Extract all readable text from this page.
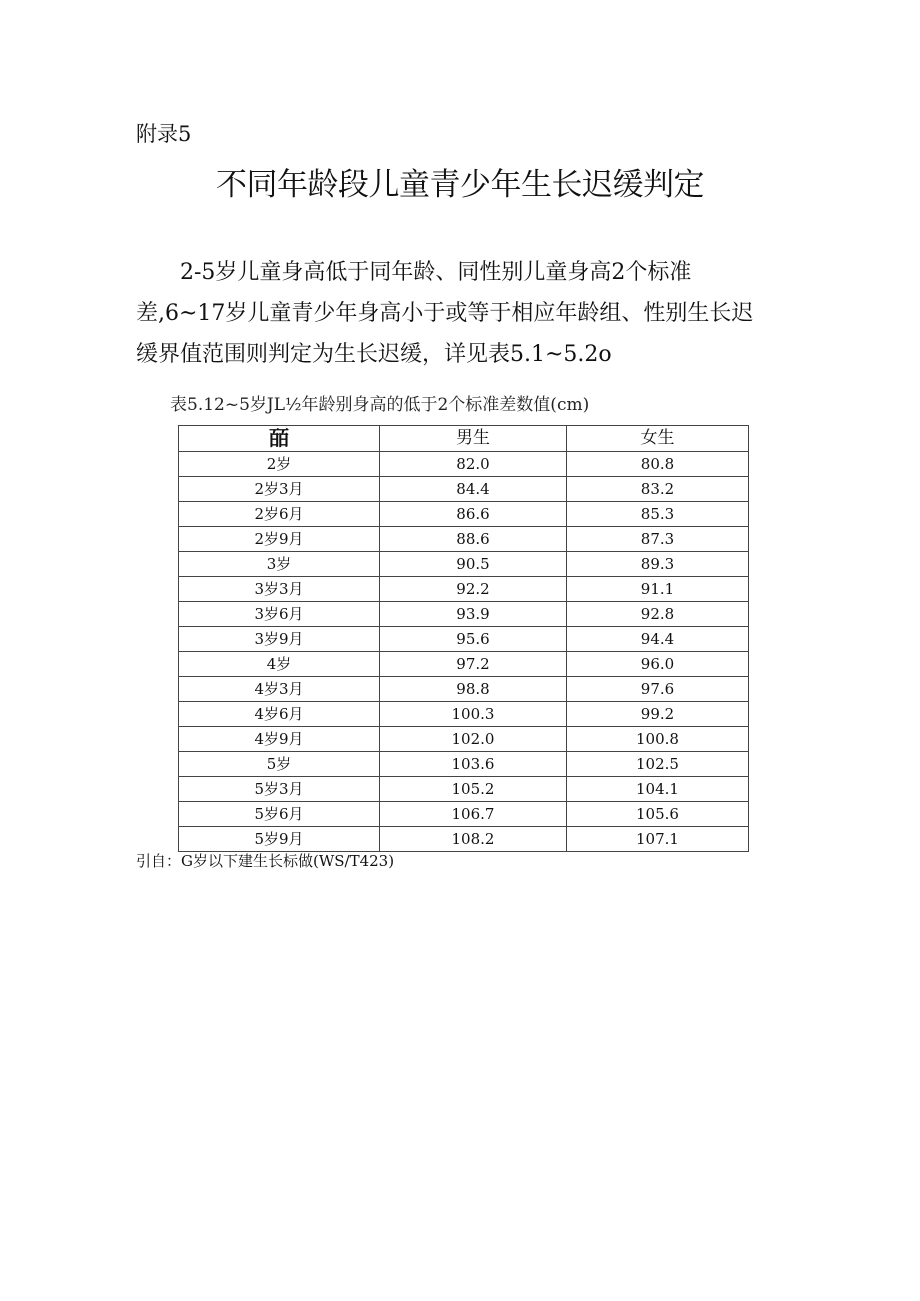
附录5
不同年龄段儿童青少年生长迟缓判定

2-5岁儿童身高低于同年龄、同性别儿童身高2个标准
差,6~17岁儿童青少年身高小于或等于相应年龄组、性别生长迟
缓界值范围则判定为生长迟缓，详见表5.1~5.2o

表5.12~5岁JL½年龄别身高的低于2个标准差数值(cm)
皕	男生	女生
2岁	82.0	80.8
2岁3月	84.4	83.2
2岁6月	86.6	85.3
2岁9月	88.6	87.3
3岁	90.5	89.3
3岁3月	92.2	91.1
3岁6月	93.9	92.8
3岁9月	95.6	94.4
4岁	97.2	96.0
4岁3月	98.8	97.6
4岁6月	100.3	99.2
4岁9月	102.0	100.8
5岁	103.6	102.5
5岁3月	105.2	104.1
5岁6月	106.7	105.6
5岁9月	108.2	107.1
引自：G岁以下建生长标做(WS/T423)
